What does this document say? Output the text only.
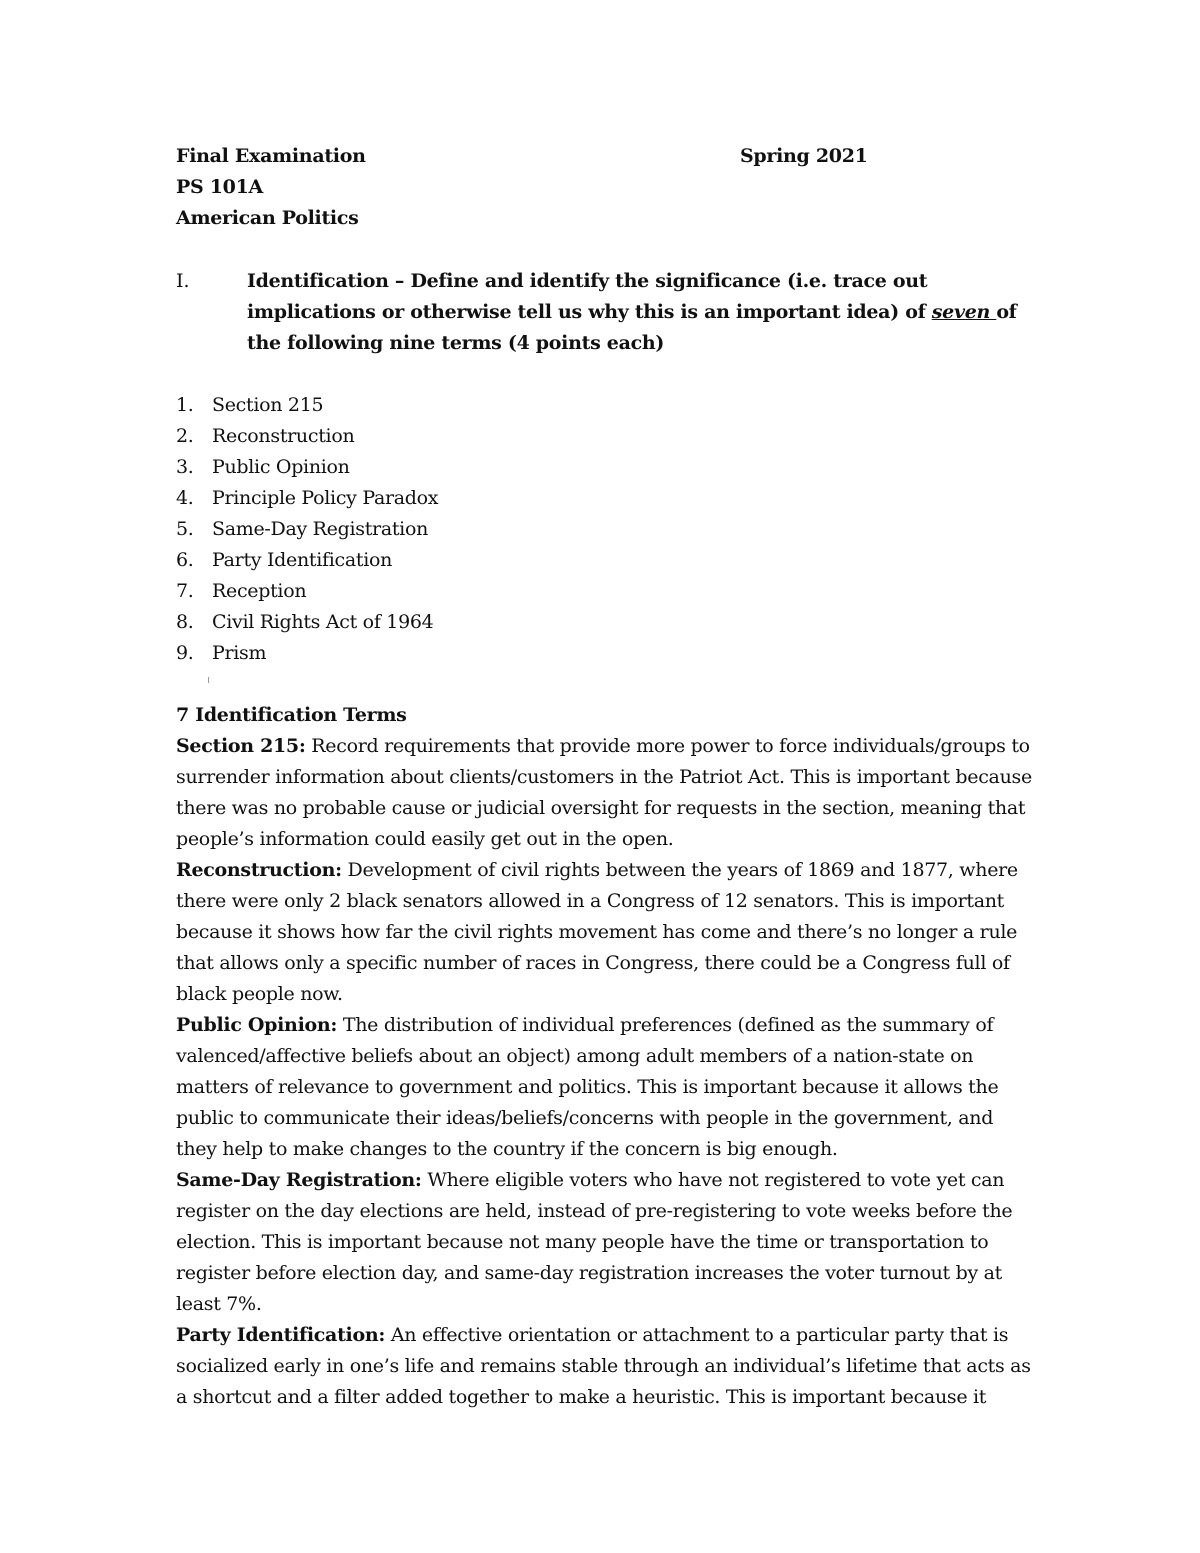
Final Examination	Spring 2021
PS 101A
American Politics
I.	Identification – Define and identify the significance (i.e. trace out implications or otherwise tell us why this is an important idea) of seven of the following nine terms (4 points each)
1. Section 215
2. Reconstruction
3. Public Opinion
4. Principle Policy Paradox
5. Same-Day Registration
6. Party Identification
7. Reception
8. Civil Rights Act of 1964
9. Prism
7 Identification Terms

Section 215: Record requirements that provide more power to force individuals/groups to surrender information about clients/customers in the Patriot Act. This is important because there was no probable cause or judicial oversight for requests in the section, meaning that people’s information could easily get out in the open.

Reconstruction: Development of civil rights between the years of 1869 and 1877, where there were only 2 black senators allowed in a Congress of 12 senators. This is important because it shows how far the civil rights movement has come and there’s no longer a rule that allows only a specific number of races in Congress, there could be a Congress full of black people now.

Public Opinion: The distribution of individual preferences (defined as the summary of valenced/affective beliefs about an object) among adult members of a nation-state on matters of relevance to government and politics. This is important because it allows the public to communicate their ideas/beliefs/concerns with people in the government, and they help to make changes to the country if the concern is big enough.

Same-Day Registration: Where eligible voters who have not registered to vote yet can register on the day elections are held, instead of pre-registering to vote weeks before the election. This is important because not many people have the time or transportation to register before election day, and same-day registration increases the voter turnout by at least 7%.

Party Identification: An effective orientation or attachment to a particular party that is socialized early in one’s life and remains stable through an individual’s lifetime that acts as a shortcut and a filter added together to make a heuristic. This is important because it
